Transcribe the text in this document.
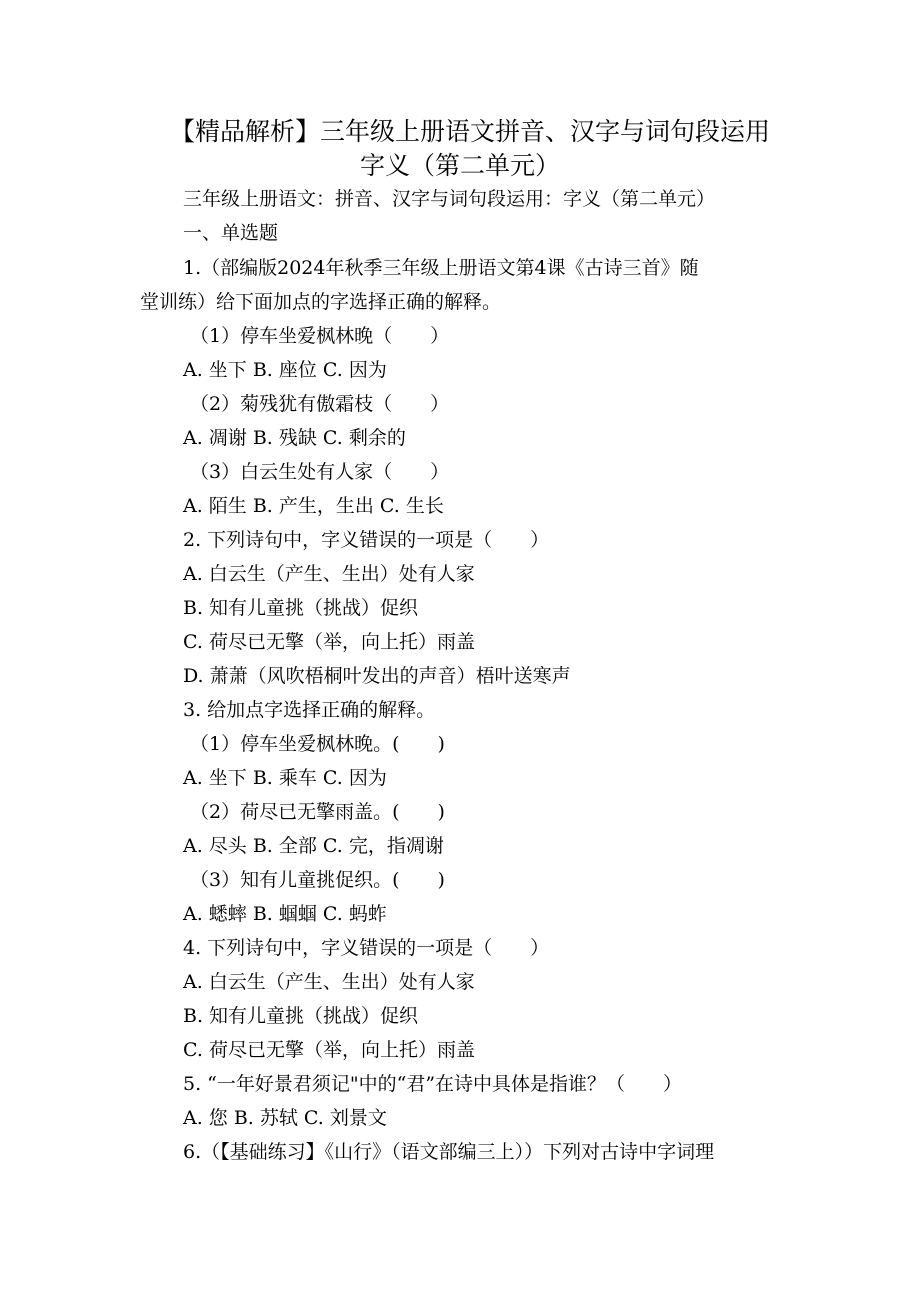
【精品解析】三年级上册语文拼音、汉字与词句段运用
字义（第二单元）
三年级上册语文：拼音、汉字与词句段运用：字义（第二单元）
一、单选题
1.（部编版2024年秋季三年级上册语文第4课《古诗三首》随
堂训练）给下面加点的字选择正确的解释。
（1）停车坐爱枫林晚（　　）
A. 坐下 B. 座位 C. 因为
（2）菊残犹有傲霜枝（　　）
A. 凋谢 B. 残缺 C. 剩余的
（3）白云生处有人家（　　）
A. 陌生 B. 产生，生出 C. 生长
2. 下列诗句中，字义错误的一项是（　　）
A. 白云生（产生、生出）处有人家
B. 知有儿童挑（挑战）促织
C. 荷尽已无擎（举，向上托）雨盖
D. 萧萧（风吹梧桐叶发出的声音）梧叶送寒声
3. 给加点字选择正确的解释。
（1）停车坐爱枫林晚。(　　)
A. 坐下 B. 乘车 C. 因为
（2）荷尽已无擎雨盖。(　　)
A. 尽头 B. 全部 C. 完，指凋谢
（3）知有儿童挑促织。(　　)
A. 蟋蟀 B. 蝈蝈 C. 蚂蚱
4. 下列诗句中，字义错误的一项是（　　）
A. 白云生（产生、生出）处有人家
B. 知有儿童挑（挑战）促织
C. 荷尽已无擎（举，向上托）雨盖
5. “一年好景君须记"中的“君”在诗中具体是指谁？（　　）
A. 您 B. 苏轼 C. 刘景文
6.（【基础练习】《山行》（语文部编三上））下列对古诗中字词理
